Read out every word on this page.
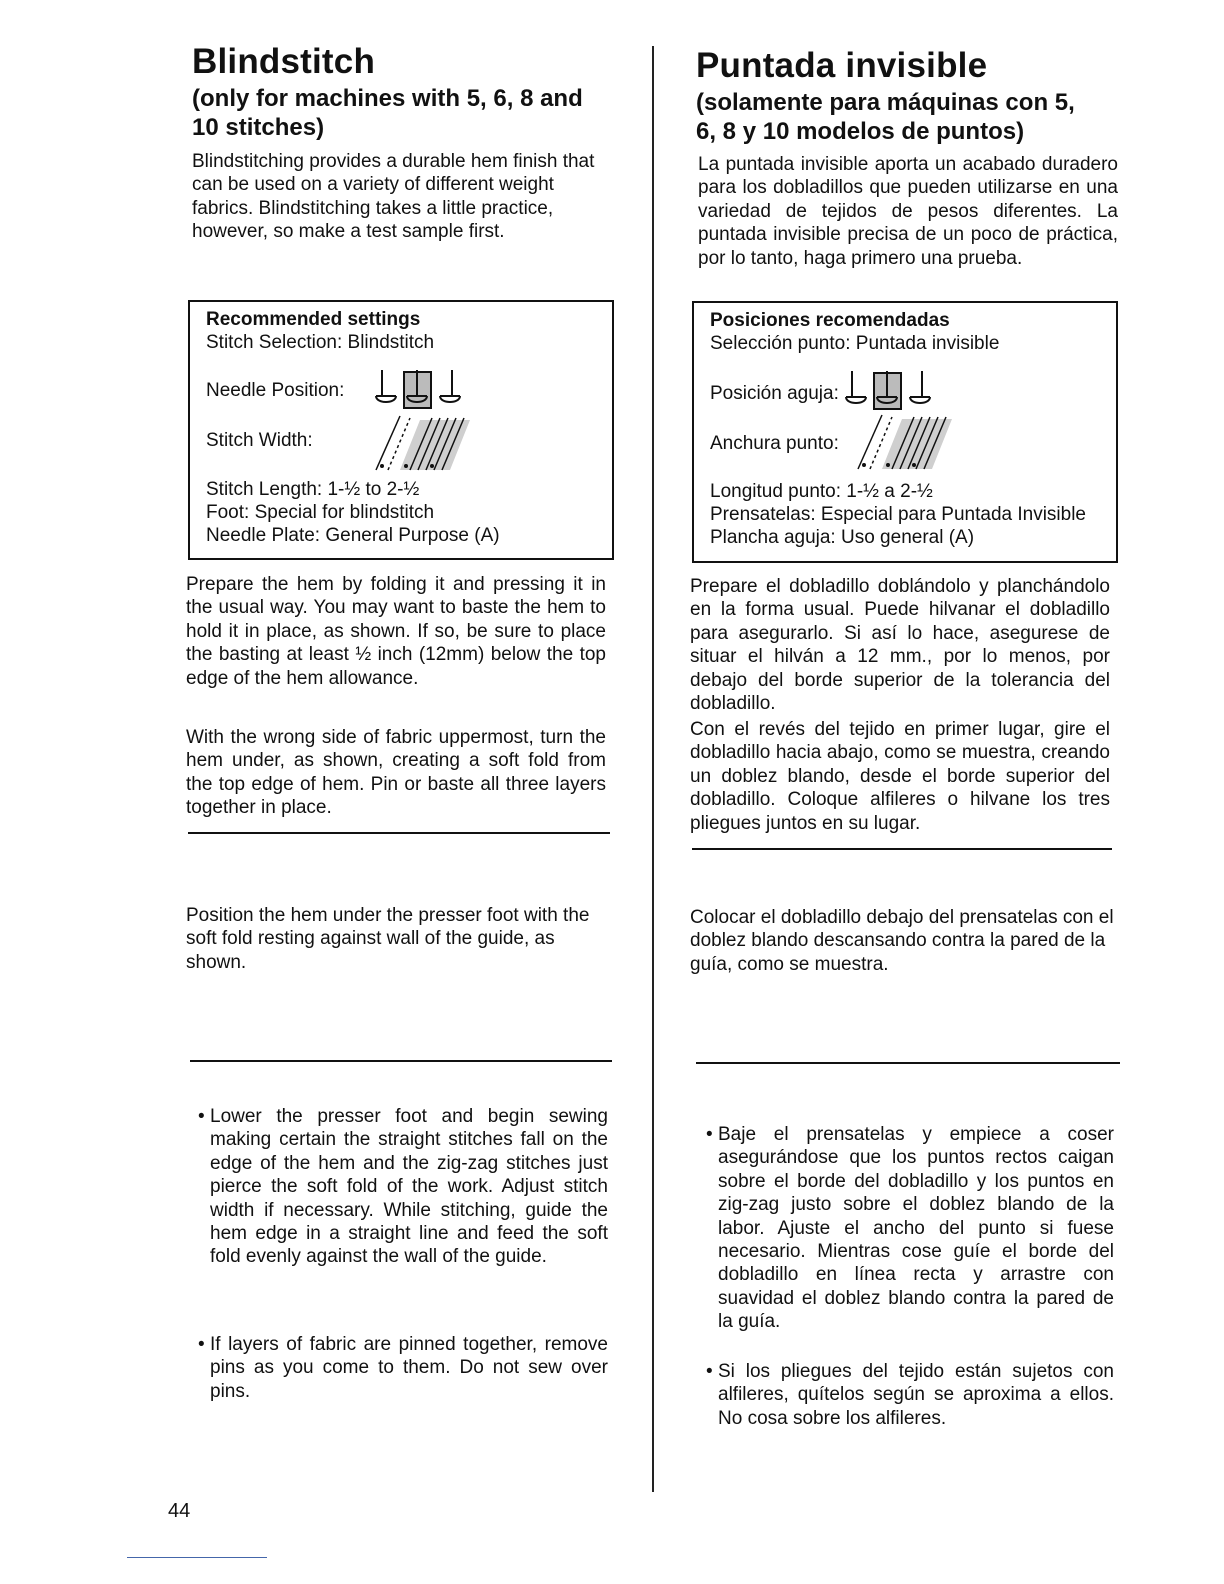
Blindstitch
(only for machines with 5, 6, 8 and
10 stitches)

Blindstitching provides a durable hem finish that can be used on a variety of different weight fabrics. Blindstitching takes a little practice, however, so make a test sample first.

Recommended settings
Stitch Selection: Blindstitch
Needle Position:
Stitch Width:
Stitch Length: 1-½ to 2-½
Foot: Special for blindstitch
Needle Plate: General Purpose (A)

Prepare the hem by folding it and pressing it in the usual way. You may want to baste the hem to hold it in place, as shown. If so, be sure to place the basting at least ½ inch (12mm) below the top edge of the hem allowance.

With the wrong side of fabric uppermost, turn the hem under, as shown, creating a soft fold from the top edge of hem. Pin or baste all three layers together in place.

Position the hem under the presser foot with the soft fold resting against wall of the guide, as shown.

• Lower the presser foot and begin sewing making certain the straight stitches fall on the edge of the hem and the zig-zag stitches just pierce the soft fold of the work. Adjust stitch width if necessary. While stitching, guide the hem edge in a straight line and feed the soft fold evenly against the wall of the guide.

• If layers of fabric are pinned together, remove pins as you come to them. Do not sew over pins.

Puntada invisible
(solamente para máquinas con 5,
6, 8 y 10 modelos de puntos)

La puntada invisible aporta un acabado duradero para los dobladillos que pueden utilizarse en una variedad de tejidos de pesos diferentes. La puntada invisible precisa de un poco de práctica, por lo tanto, haga primero una prueba.

Posiciones recomendadas
Selección punto: Puntada invisible
Posición aguja:
Anchura punto:
Longitud punto: 1-½ a 2-½
Prensatelas: Especial para Puntada Invisible
Plancha aguja: Uso general (A)

Prepare el dobladillo doblándolo y planchándolo en la forma usual. Puede hilvanar el dobladillo para asegurarlo. Si así lo hace, asegurese de situar el hilván a 12 mm., por lo menos, por debajo del borde superior de la tolerancia del dobladillo.

Con el revés del tejido en primer lugar, gire el dobladillo hacia abajo, como se muestra, creando un doblez blando, desde el borde superior del dobladillo. Coloque alfileres o hilvane los tres pliegues juntos en su lugar.

Colocar el dobladillo debajo del prensatelas con el doblez blando descansando contra la pared de la guía, como se muestra.

• Baje el prensatelas y empiece a coser asegurándose que los puntos rectos caigan sobre el borde del dobladillo y los puntos en zig-zag justo sobre el doblez blando de la labor. Ajuste el ancho del punto si fuese necesario. Mientras cose guíe el borde del dobladillo en línea recta y arrastre con suavidad el doblez blando contra la pared de la guía.

• Si los pliegues del tejido están sujetos con alfileres, quítelos según se aproxima a ellos. No cosa sobre los alfileres.

44
